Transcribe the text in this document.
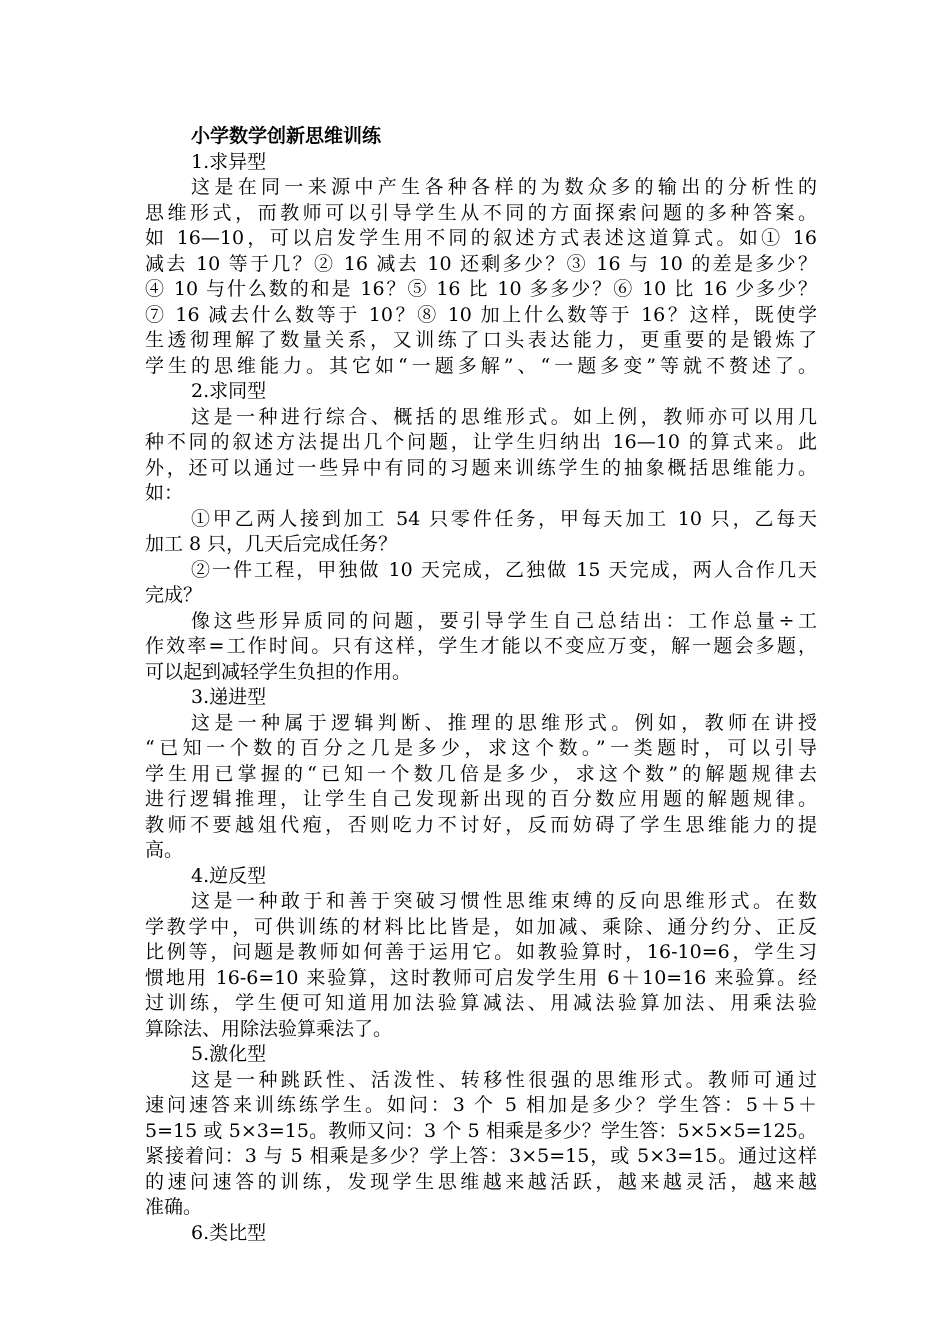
小学数学创新思维训练
1.求异型
这是在同一来源中产生各种各样的为数众多的输出的分析性的
思维形式，而教师可以引导学生从不同的方面探索问题的多种答案。
如 16—10，可以启发学生用不同的叙述方式表述这道算式。如① 16
减去 10 等于几？② 16 减去 10 还剩多少？③ 16 与 10 的差是多少？
④ 10 与什么数的和是 16？⑤ 16 比 10 多多少？⑥ 10 比 16 少多少？
⑦ 16 减去什么数等于 10？⑧ 10 加上什么数等于 16？这样，既使学
生透彻理解了数量关系，又训练了口头表达能力，更重要的是锻炼了
学生的思维能力。其它如“一题多解”、“一题多变”等就不赘述了。
2.求同型
这是一种进行综合、概括的思维形式。如上例，教师亦可以用几
种不同的叙述方法提出几个问题，让学生归纳出 16—10 的算式来。此
外，还可以通过一些异中有同的习题来训练学生的抽象概括思维能力。
如：
①甲乙两人接到加工 54 只零件任务，甲每天加工 10 只，乙每天
加工 8 只，几天后完成任务？
②一件工程，甲独做 10 天完成，乙独做 15 天完成，两人合作几天
完成？
像这些形异质同的问题，要引导学生自己总结出：工作总量÷工
作效率=工作时间。只有这样，学生才能以不变应万变，解一题会多题，
可以起到减轻学生负担的作用。
3.递进型
这是一种属于逻辑判断、推理的思维形式。例如，教师在讲授
“已知一个数的百分之几是多少，求这个数。”一类题时，可以引导
学生用已掌握的“已知一个数几倍是多少，求这个数”的解题规律去
进行逻辑推理，让学生自己发现新出现的百分数应用题的解题规律。
教师不要越俎代疱，否则吃力不讨好，反而妨碍了学生思维能力的提
高。
4.逆反型
这是一种敢于和善于突破习惯性思维束缚的反向思维形式。在数
学教学中，可供训练的材料比比皆是，如加减、乘除、通分约分、正反
比例等，问题是教师如何善于运用它。如教验算时，16-10=6，学生习
惯地用 16-6=10 来验算，这时教师可启发学生用 6＋10=16 来验算。经
过训练，学生便可知道用加法验算减法、用减法验算加法、用乘法验
算除法、用除法验算乘法了。
5.激化型
这是一种跳跃性、活泼性、转移性很强的思维形式。教师可通过
速问速答来训练练学生。如问：3 个 5 相加是多少？学生答：5＋5＋
5=15 或 5×3=15。教师又问：3 个 5 相乘是多少？学生答：5×5×5=125。
紧接着问：3 与 5 相乘是多少？学上答：3×5=15，或 5×3=15。通过这样
的速问速答的训练，发现学生思维越来越活跃，越来越灵活，越来越
准确。
6.类比型
